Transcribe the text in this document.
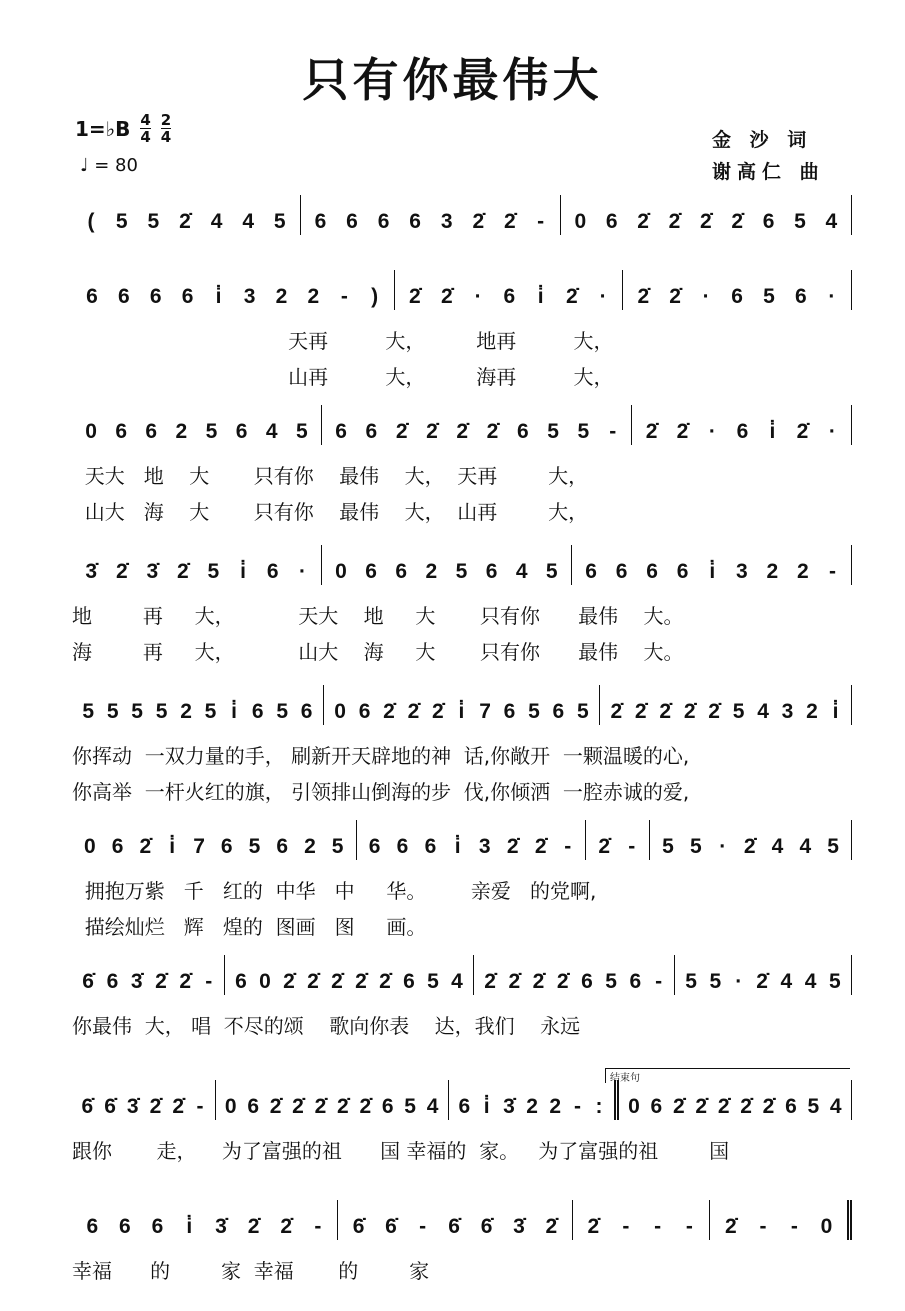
只有你最伟大
1=♭B $\frac{4}{4} \frac{2}{4}$
♩ = 80
金 沙 词
谢高仁 曲
结束句
( 5 5 2̇ 4 4 5 6 6 6 6 3 2̇ 2̇ - 0 6 2̇ 2̇ 2̇ 2̇ 6 5 4
6 6 6 6 i̇ 3 2 2 - ) 2̇ 2̇ · 6 i̇ 2̇ · 2̇ 2̇ · 6 5 6 ·
天再         大，        地再         大，
山再         大，        海再         大，
0 6 6 2 5 6 4 5 6 6 2̇ 2̇ 2̇ 2̇ 6 5 5 - 2̇ 2̇ · 6 i̇ 2̇ ·
天大   地    大       只有你    最伟    大，  天再        大，
山大   海    大       只有你    最伟    大，  山再        大，
3̇ 2̇ 3̇ 2̇ 5 i̇ 6 · 0 6 6 2 5 6 4 5 6 6 6 6 i̇ 3 2 2 -
地        再     大，          天大    地     大       只有你      最伟    大。
海        再     大，          山大    海     大       只有你      最伟    大。
5 5 5 5 2 5 i̇ 6 5 6 0 6 2̇ 2̇ 2̇ i̇ 7 6 5 6 5 2̇ 2̇ 2̇ 2̇ 2̇ 5 4 3 2 i̇
你挥动  一双力量的手， 刷新开天辟地的神  话,你敞开  一颗温暖的心,
你高举  一杆火红的旗， 引领排山倒海的步  伐,你倾洒  一腔赤诚的爱,
0 6 2̇ i̇ 7 6 5 6 2 5 6 6 6 i̇ 3 2̇ 2̇ - 2̇ - 5 5 · 2̇ 4 4 5
拥抱万紫   千   红的  中华   中     华。       亲爱   的党啊,
描绘灿烂   辉   煌的  图画   图     画。
6̇ 6 3̇ 2̇ 2̇ - 6 0 2̇ 2̇ 2̇ 2̇ 2̇ 6 5 4 2̇ 2̇ 2̇ 2̇ 6 5 6 - 5 5 · 2̇ 4 4 5
你最伟  大， 唱  不尽的颂    歌向你表    达，我们    永远
6̇ 6̇ 3̇ 2̇ 2̇ - 0 6 2̇ 2̇ 2̇ 2̇ 2̇ 6 5 4 6 i̇ 3̇ 2 2 - : 0 6 2̇ 2̇ 2̇ 2̇ 2̇ 6 5 4
跟你       走，    为了富强的祖      国 幸福的  家。   为了富强的祖        国
6 6 6 i̇ 3̇ 2̇ 2̇ - 6̇ 6̇ - 6̇ 6̇ 3̇ 2̇ 2̇ - - - 2̇ - - 0
幸福      的        家  幸福       的        家
